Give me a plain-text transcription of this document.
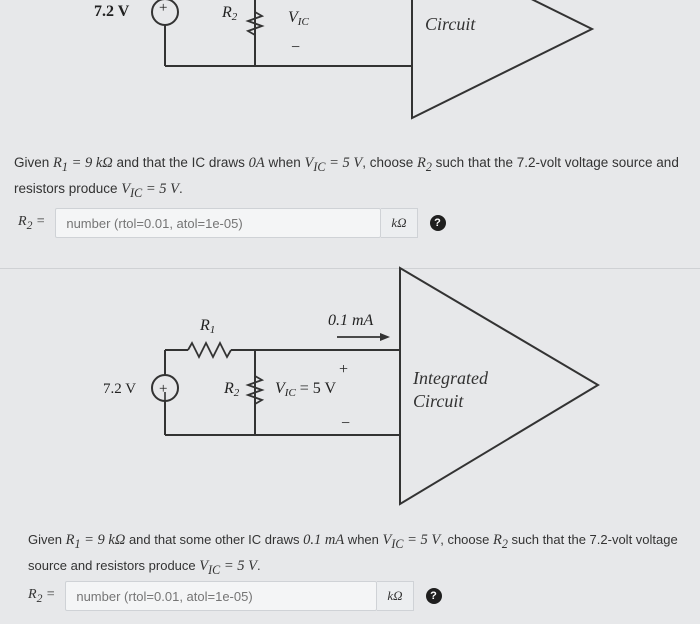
+
7.2 V	R2	VIC
−
Circuit

Given $R_1 = 9$ kΩ and that the IC draws 0A when $V_{IC} = 5$ V, choose $R_2$ such that the 7.2-volt voltage source and resistors produce $V_{IC} = 5$ V.

$R_2$ =
number (rtol=0.01, atol=1e-05)	kΩ	?
+
R1
0.1 mA
+
−
7.2 V	R2 VIC = 5 V
Integrated
Circuit

Given $R_1 = 9$ kΩ and that some other IC draws 0.1 mA when $V_{IC} = 5$ V, choose $R_2$ such that the 7.2-volt voltage source and resistors produce $V_{IC} = 5$ V.

$R_2$ =
number (rtol=0.01, atol=1e-05)	kΩ	?
